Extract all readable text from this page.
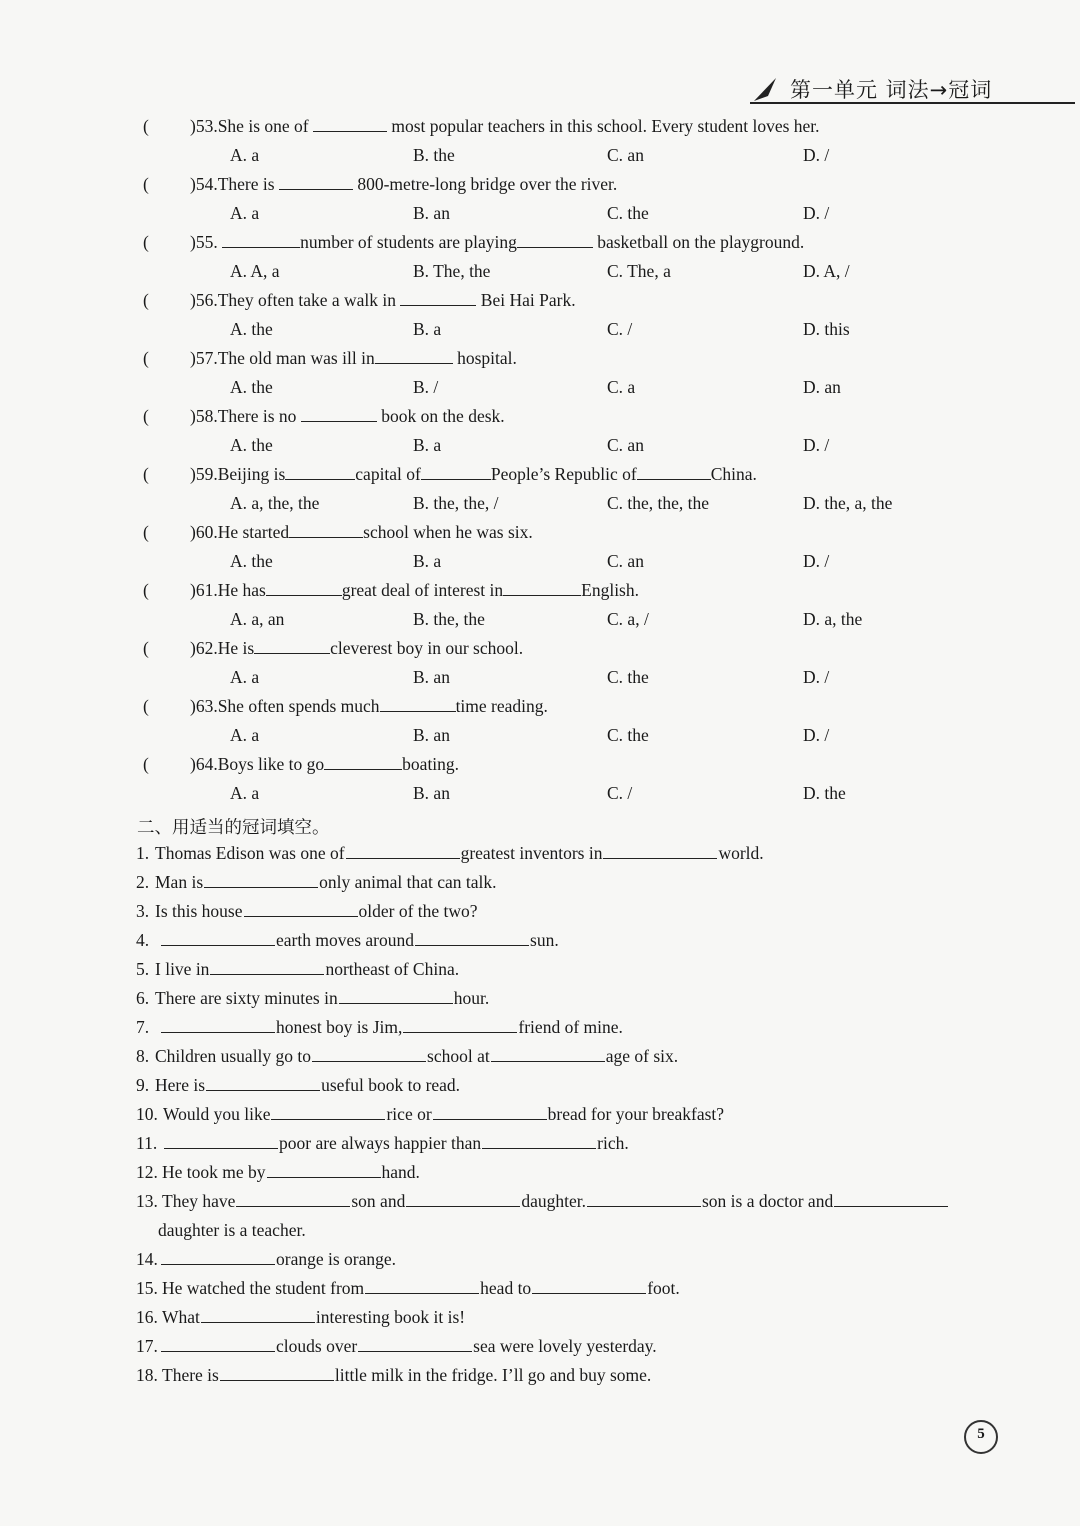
第一单元 词法→冠词
( )53.She is one of	most popular teachers in this school. Every student loves her.
A. a	B. the	C. an	D. /
( )54.There is	800-metre-long bridge over the river.
A. a	B. an	C. the	D. /
( )55.	number of students are playing	basketball on the playground.
A. A, a	B. The, the	C. The, a	D. A, /
( )56.They often take a walk in	Bei Hai Park.
A. the	B. a	C. /	D. this
( )57.The old man was ill in	hospital.
A. the	B. /	C. a	D. an
( )58.There is no	book on the desk.
A. the	B. a	C. an	D. /
( )59.Beijing is	capital of	People’s Republic of	China.
A. a, the, the	B. the, the, /	C. the, the, the	D. the, a, the
( )60.He started	school when he was six.
A. the	B. a	C. an	D. /
( )61.He has	great deal of interest in	English.
A. a, an	B. the, the	C. a, /	D. a, the
( )62.He is	cleverest boy in our school.
A. a	B. an	C. the	D. /
( )63.She often spends much	time reading.
A. a	B. an	C. the	D. /
( )64.Boys like to go	boating.
A. a	B. an	C. /	D. the
二、用适当的冠词填空。
1. Thomas Edison was one of	greatest inventors in	world.
2. Man is	only animal that can talk.
3. Is this house	older of the two?
4.	earth moves around	sun.
5. I live in	northeast of China.
6. There are sixty minutes in	hour.
7.	honest boy is Jim,	friend of mine.
8. Children usually go to	school at	age of six.
9. Here is	useful book to read.
10. Would you like	rice or	bread for your breakfast?
11.	poor are always happier than	rich.
12. He took me by	hand.
13. They have	son and	daughter.	son is a doctor and
daughter is a teacher.
14.	orange is orange.
15. He watched the student from	head to	foot.
16. What	interesting book it is!
17.	clouds over	sea were lovely yesterday.
18. There is	little milk in the fridge. I’ll go and buy some.
5
